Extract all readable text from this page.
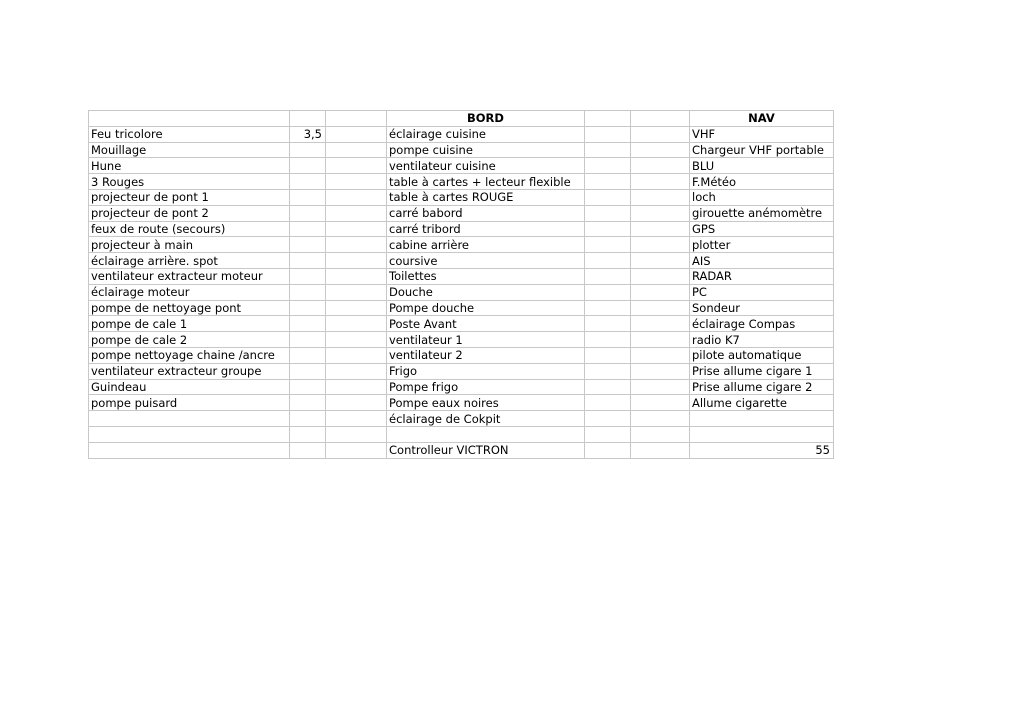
			BORD			NAV	
Feu tricolore	3,5		éclairage cuisine			VHF	
Mouillage			pompe cuisine			Chargeur VHF portable	
Hune			ventilateur cuisine			BLU	
3 Rouges			table à cartes + lecteur flexible			F.Météo	
projecteur de pont 1			table à cartes ROUGE			loch	
projecteur de pont 2			carré babord			girouette anémomètre	
feux de route (secours)			carré tribord			GPS	
projecteur à main			cabine arrière			plotter	
éclairage arrière. spot			coursive			AIS	
ventilateur extracteur moteur			Toilettes			RADAR	
éclairage moteur			Douche			PC	
pompe de nettoyage pont			Pompe douche			Sondeur	
pompe de cale 1			Poste Avant			éclairage Compas	
pompe de cale 2			ventilateur 1			radio K7	
pompe nettoyage chaine /ancre			ventilateur 2			pilote automatique	
ventilateur extracteur groupe			Frigo			Prise allume cigare 1	
Guindeau			Pompe frigo			Prise allume cigare 2	
pompe puisard			Pompe eaux noires			Allume cigarette	
			éclairage de Cokpit				

			Controlleur VICTRON				55
